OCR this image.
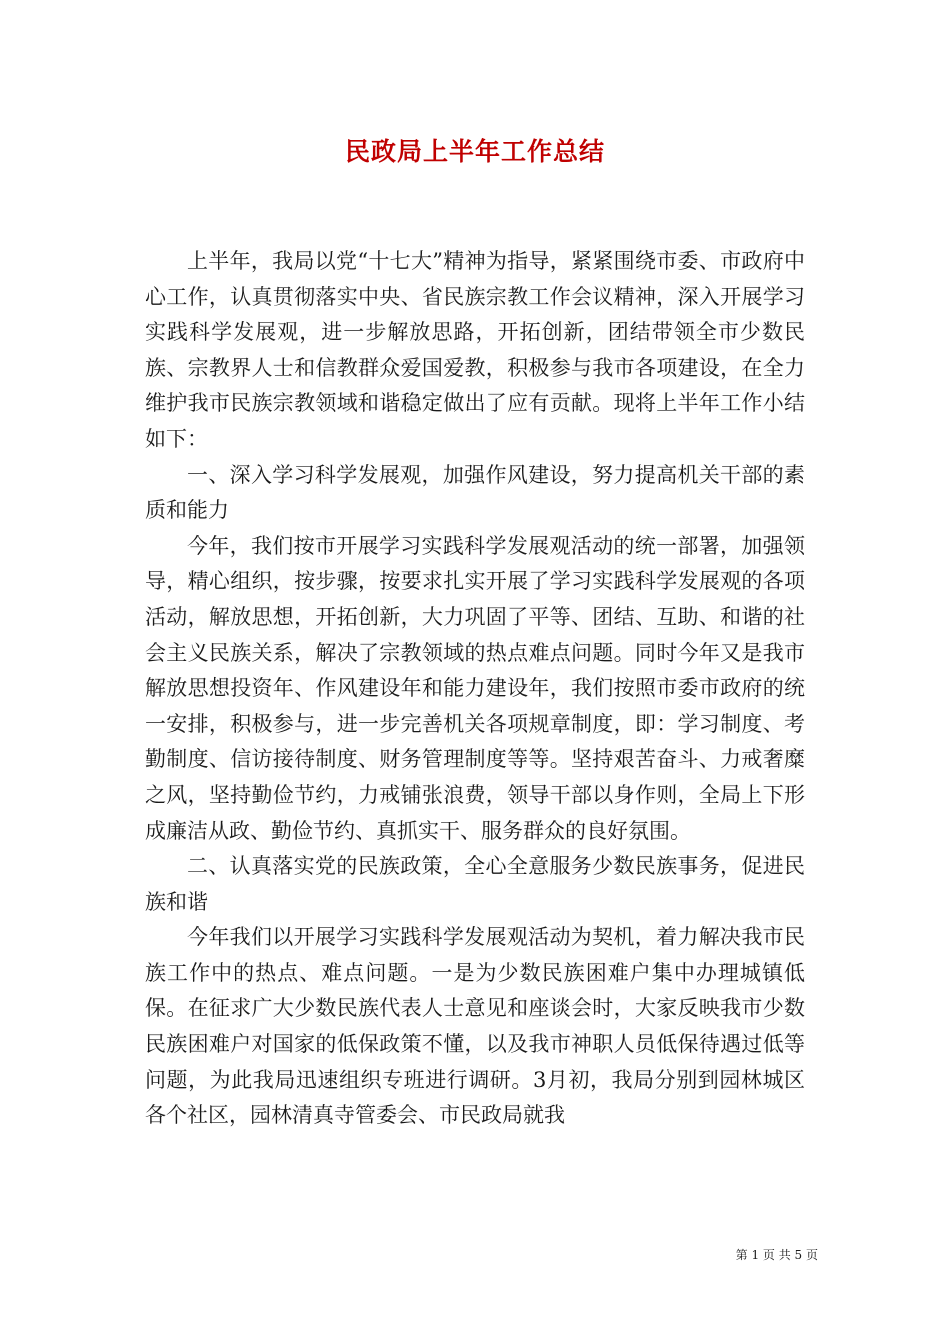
民政局上半年工作总结

上半年，我局以党“十七大”精神为指导，紧紧围绕市委、市政府中心工作，认真贯彻落实中央、省民族宗教工作会议精神，深入开展学习实践科学发展观，进一步解放思路，开拓创新，团结带领全市少数民族、宗教界人士和信教群众爱国爱教，积极参与我市各项建设，在全力维护我市民族宗教领域和谐稳定做出了应有贡献。现将上半年工作小结如下：

一、深入学习科学发展观，加强作风建设，努力提高机关干部的素质和能力

今年，我们按市开展学习实践科学发展观活动的统一部署，加强领导，精心组织，按步骤，按要求扎实开展了学习实践科学发展观的各项活动，解放思想，开拓创新，大力巩固了平等、团结、互助、和谐的社会主义民族关系，解决了宗教领域的热点难点问题。同时今年又是我市解放思想投资年、作风建设年和能力建设年，我们按照市委市政府的统一安排，积极参与，进一步完善机关各项规章制度，即：学习制度、考勤制度、信访接待制度、财务管理制度等等。坚持艰苦奋斗、力戒奢糜之风，坚持勤俭节约，力戒铺张浪费，领导干部以身作则，全局上下形成廉洁从政、勤俭节约、真抓实干、服务群众的良好氛围。

二、认真落实党的民族政策，全心全意服务少数民族事务，促进民族和谐

今年我们以开展学习实践科学发展观活动为契机，着力解决我市民族工作中的热点、难点问题。一是为少数民族困难户集中办理城镇低保。在征求广大少数民族代表人士意见和座谈会时，大家反映我市少数民族困难户对国家的低保政策不懂，以及我市神职人员低保待遇过低等问题，为此我局迅速组织专班进行调研。3月初，我局分别到园林城区各个社区，园林清真寺管委会、市民政局就我

第 1 页 共 5 页
